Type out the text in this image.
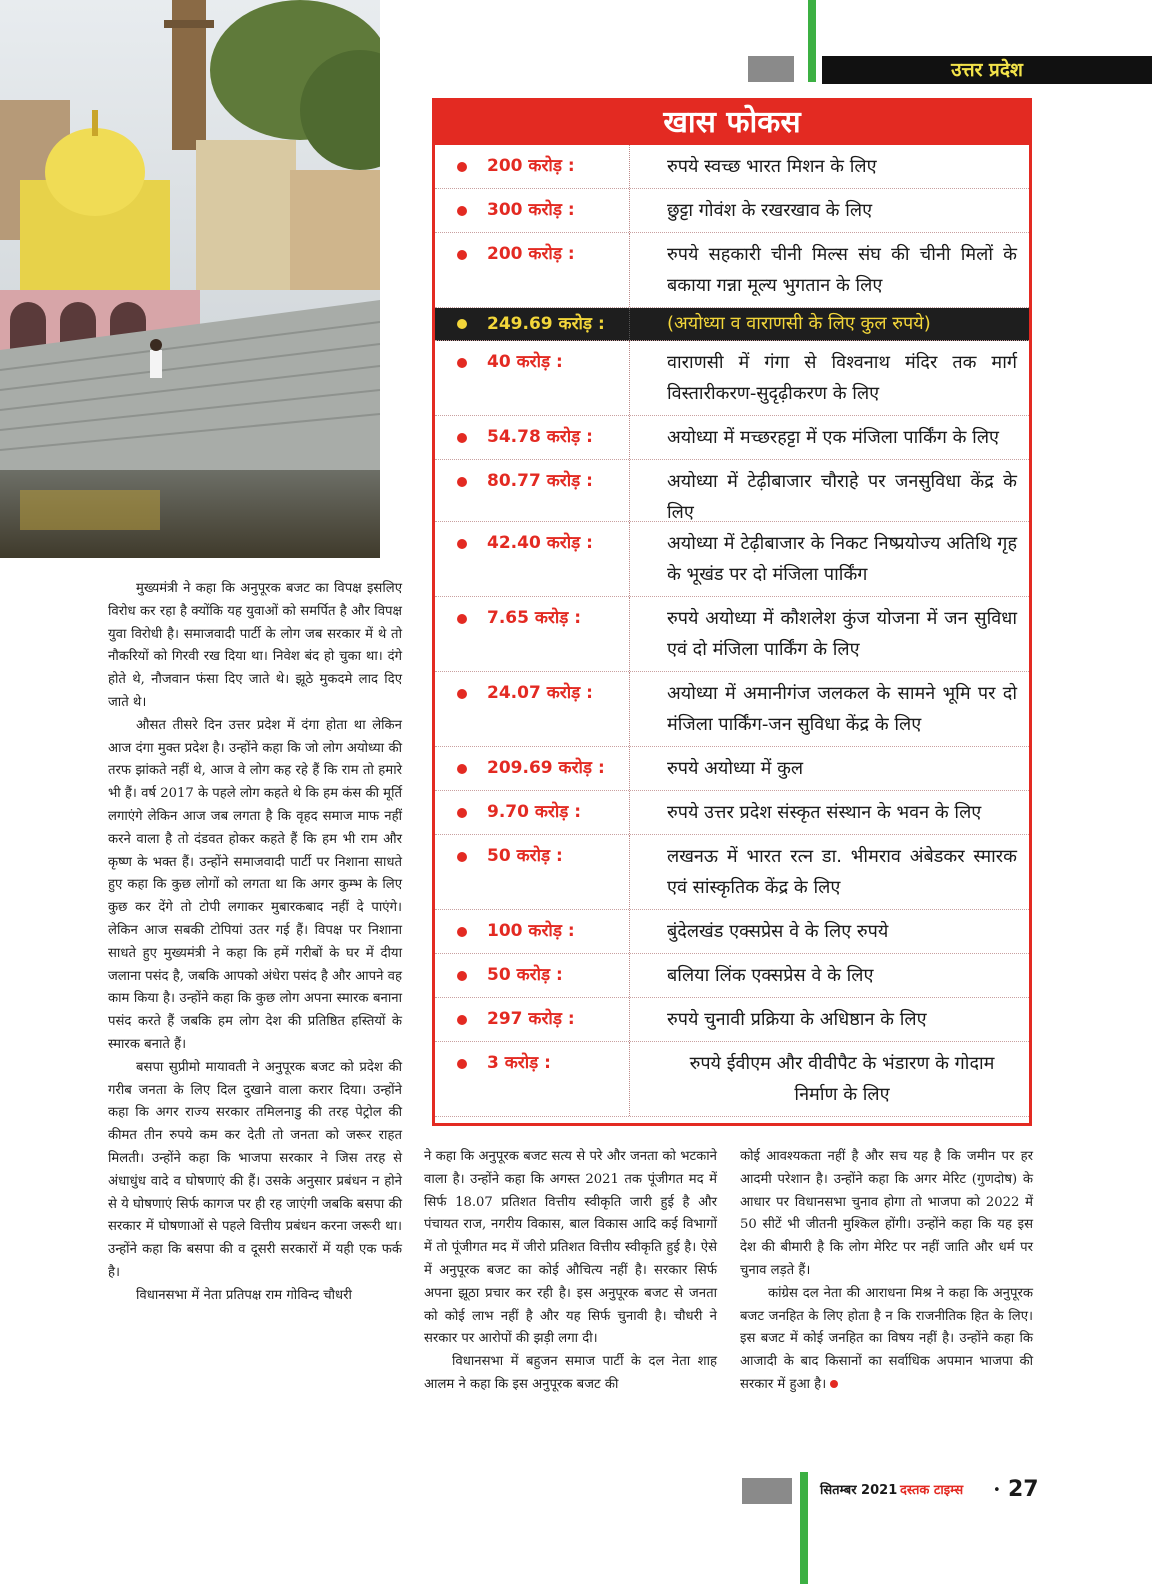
उत्तर प्रदेश
खास फोकस
200 करोड़ :	रुपये स्वच्छ भारत मिशन के लिए
300 करोड़ :	छुट्टा गोवंश के रखरखाव के लिए
200 करोड़ :	रुपये सहकारी चीनी मिल्स संघ की चीनी मिलों के बकाया गन्ना मूल्य भुगतान के लिए
249.69 करोड़ :	(अयोध्या व वाराणसी के लिए कुल रुपये)
40 करोड़ :	वाराणसी में गंगा से विश्वनाथ मंदिर तक मार्ग विस्तारीकरण-सुदृढ़ीकरण के लिए
54.78 करोड़ :	अयोध्या में मच्छरहट्टा में एक मंजिला पार्किंग के लिए
80.77 करोड़ :	अयोध्या में टेढ़ीबाजार चौराहे पर जनसुविधा केंद्र के लिए
42.40 करोड़ :	अयोध्या में टेढ़ीबाजार के निकट निष्प्रयोज्य अतिथि गृह के भूखंड पर दो मंजिला पार्किंग
7.65 करोड़ :	रुपये अयोध्या में कौशलेश कुंज योजना में जन सुविधा एवं दो मंजिला पार्किंग के लिए
24.07 करोड़ :	अयोध्या में अमानीगंज जलकल के सामने भूमि पर दो मंजिला पार्किंग-जन सुविधा केंद्र के लिए
209.69 करोड़ :	रुपये अयोध्या में कुल
9.70 करोड़ :	रुपये उत्तर प्रदेश संस्कृत संस्थान के भवन के लिए
50 करोड़ :	लखनऊ में भारत रत्न डा. भीमराव अंबेडकर स्मारक एवं सांस्कृतिक केंद्र के लिए
100 करोड़ :	बुंदेलखंड एक्सप्रेस वे के लिए रुपये
50 करोड़ :	बलिया लिंक एक्सप्रेस वे के लिए
297 करोड़ :	रुपये चुनावी प्रक्रिया के अधिष्ठान के लिए
3 करोड़ :	रुपये ईवीएम और वीवीपैट के भंडारण के गोदाम निर्माण के लिए

मुख्यमंत्री ने कहा कि अनुपूरक बजट का विपक्ष इसलिए विरोध कर रहा है क्योंकि यह युवाओं को समर्पित है और विपक्ष युवा विरोधी है। समाजवादी पार्टी के लोग जब सरकार में थे तो नौकरियों को गिरवी रख दिया था। निवेश बंद हो चुका था। दंगे होते थे, नौजवान फंसा दिए जाते थे। झूठे मुकदमे लाद दिए जाते थे।

औसत तीसरे दिन उत्तर प्रदेश में दंगा होता था लेकिन आज दंगा मुक्त प्रदेश है। उन्होंने कहा कि जो लोग अयोध्या की तरफ झांकते नहीं थे, आज वे लोग कह रहे हैं कि राम तो हमारे भी हैं। वर्ष 2017 के पहले लोग कहते थे कि हम कंस की मूर्ति लगाएंगे लेकिन आज जब लगता है कि वृहद समाज माफ नहीं करने वाला है तो दंडवत होकर कहते हैं कि हम भी राम और कृष्ण के भक्त हैं। उन्होंने समाजवादी पार्टी पर निशाना साधते हुए कहा कि कुछ लोगों को लगता था कि अगर कुम्भ के लिए कुछ कर देंगे तो टोपी लगाकर मुबारकबाद नहीं दे पाएंगे। लेकिन आज सबकी टोपियां उतर गई हैं। विपक्ष पर निशाना साधते हुए मुख्यमंत्री ने कहा कि हमें गरीबों के घर में दीया जलाना पसंद है, जबकि आपको अंधेरा पसंद है और आपने वह काम किया है। उन्होंने कहा कि कुछ लोग अपना स्मारक बनाना पसंद करते हैं जबकि हम लोग देश की प्रतिष्ठित हस्तियों के स्मारक बनाते हैं।

बसपा सुप्रीमो मायावती ने अनुपूरक बजट को प्रदेश की गरीब जनता के लिए दिल दुखाने वाला करार दिया। उन्होंने कहा कि अगर राज्य सरकार तमिलनाडु की तरह पेट्रोल की कीमत तीन रुपये कम कर देती तो जनता को जरूर राहत मिलती। उन्होंने कहा कि भाजपा सरकार ने जिस तरह से अंधाधुंध वादे व घोषणाएं की हैं। उसके अनुसार प्रबंधन न होने से ये घोषणाएं सिर्फ कागज पर ही रह जाएंगी जबकि बसपा की सरकार में घोषणाओं से पहले वित्तीय प्रबंधन करना जरूरी था। उन्होंने कहा कि बसपा की व दूसरी सरकारों में यही एक फर्क है।

विधानसभा में नेता प्रतिपक्ष राम गोविन्द चौधरी

ने कहा कि अनुपूरक बजट सत्य से परे और जनता को भटकाने वाला है। उन्होंने कहा कि अगस्त 2021 तक पूंजीगत मद में सिर्फ 18.07 प्रतिशत वित्तीय स्वीकृति जारी हुई है और पंचायत राज, नगरीय विकास, बाल विकास आदि कई विभागों में तो पूंजीगत मद में जीरो प्रतिशत वित्तीय स्वीकृति हुई है। ऐसे में अनुपूरक बजट का कोई औचित्य नहीं है। सरकार सिर्फ अपना झूठा प्रचार कर रही है। इस अनुपूरक बजट से जनता को कोई लाभ नहीं है और यह सिर्फ चुनावी है। चौधरी ने सरकार पर आरोपों की झड़ी लगा दी।

विधानसभा में बहुजन समाज पार्टी के दल नेता शाह आलम ने कहा कि इस अनुपूरक बजट की

कोई आवश्यकता नहीं है और सच यह है कि जमीन पर हर आदमी परेशान है। उन्होंने कहा कि अगर मेरिट (गुणदोष) के आधार पर विधानसभा चुनाव होगा तो भाजपा को 2022 में 50 सीटें भी जीतनी मुश्किल होंगी। उन्होंने कहा कि यह इस देश की बीमारी है कि लोग मेरिट पर नहीं जाति और धर्म पर चुनाव लड़ते हैं।

कांग्रेस दल नेता की आराधना मिश्र ने कहा कि अनुपूरक बजट जनहित के लिए होता है न कि राजनीतिक हित के लिए। इस बजट में कोई जनहित का विषय नहीं है। उन्होंने कहा कि आजादी के बाद किसानों का सर्वाधिक अपमान भाजपा की सरकार में हुआ है।

सितम्बर 2021 दस्तक टाइम्स • 27
